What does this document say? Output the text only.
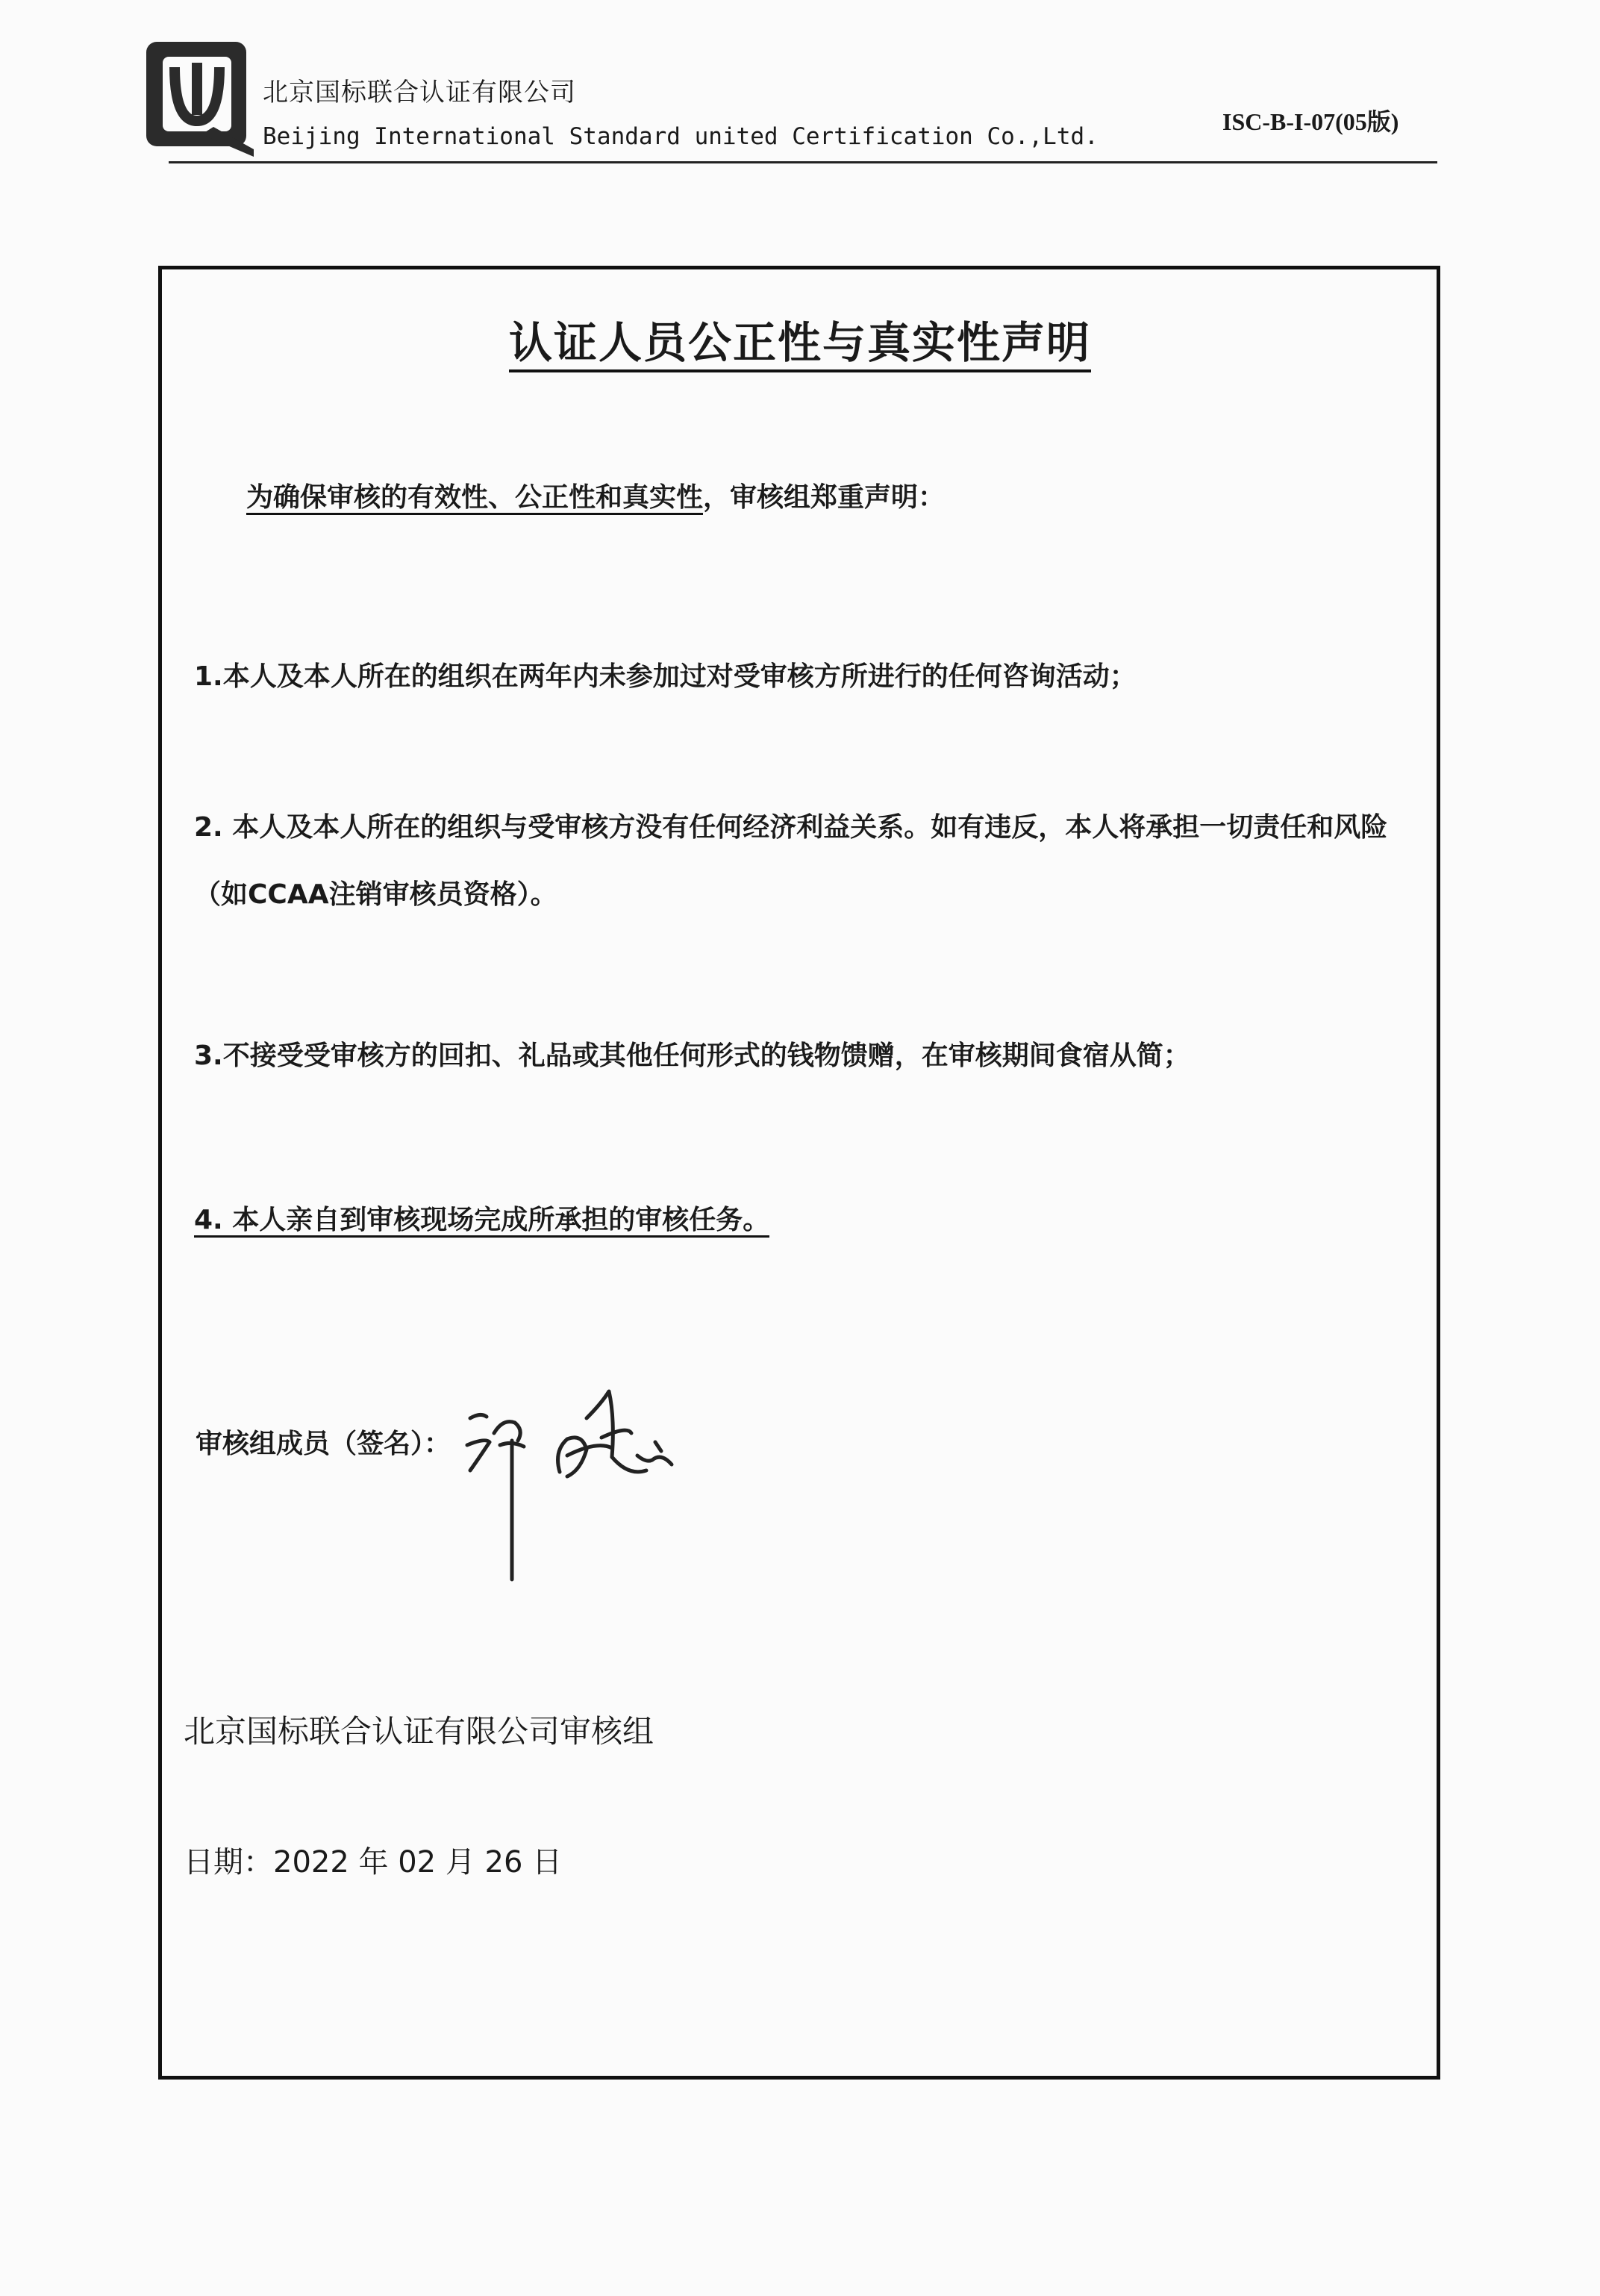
北京国标联合认证有限公司
Beijing International Standard united Certification Co.,Ltd.
ISC-B-I-07(05版)
认证人员公正性与真实性声明
为确保审核的有效性、公正性和真实性，审核组郑重声明：
1.本人及本人所在的组织在两年内未参加过对受审核方所进行的任何咨询活动；
2. 本人及本人所在的组织与受审核方没有任何经济利益关系。如有违反，本人将承担一切责任和风险（如CCAA注销审核员资格）。
3.不接受受审核方的回扣、礼品或其他任何形式的钱物馈赠，在审核期间食宿从简；
4. 本人亲自到审核现场完成所承担的审核任务。
审核组成员（签名）：
北京国标联合认证有限公司审核组
日期：2022 年 02 月 26 日
